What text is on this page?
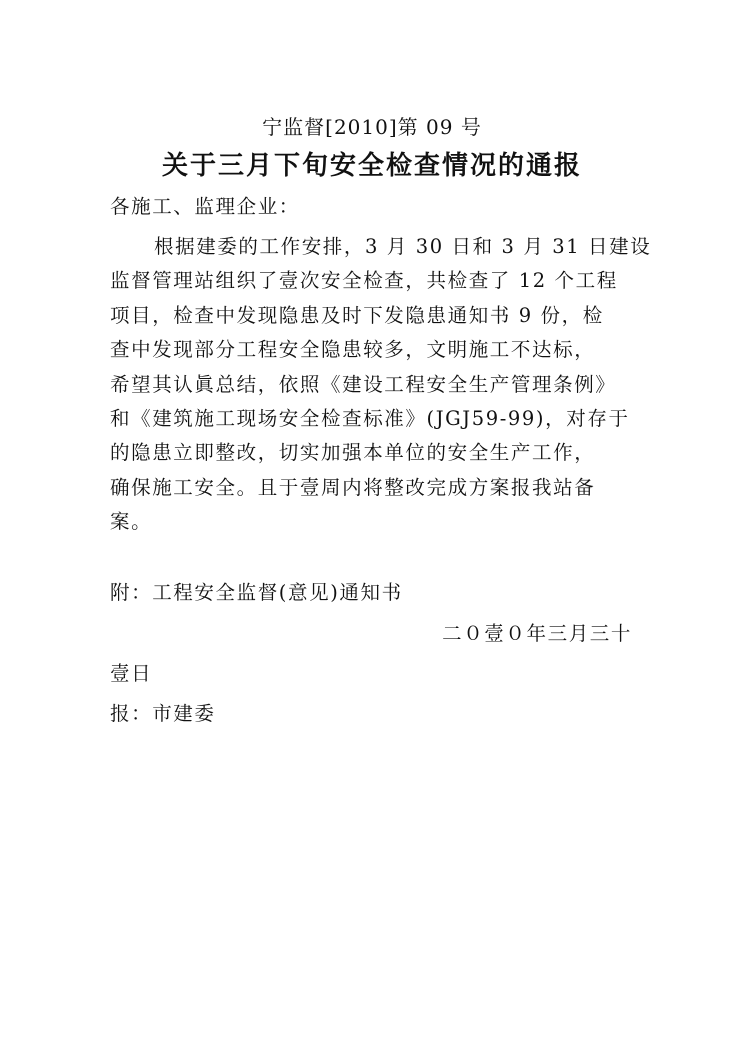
宁监督[2010]第 09 号
关于三月下旬安全检查情况的通报
各施工、监理企业：
根据建委的工作安排，3 月 30 日和 3 月 31 日建设
监督管理站组织了壹次安全检查，共检查了 12 个工程
项目，检查中发现隐患及时下发隐患通知书 9 份，检
查中发现部分工程安全隐患较多，文明施工不达标，
希望其认眞总结，依照《建设工程安全生产管理条例》
和《建筑施工现场安全检查标准》(JGJ59-99)，对存于
的隐患立即整改，切实加强本单位的安全生产工作，
确保施工安全。且于壹周内将整改完成方案报我站备
案。
附：工程安全监督(意见)通知书
二０壹０年三月三十
壹日
报：市建委
